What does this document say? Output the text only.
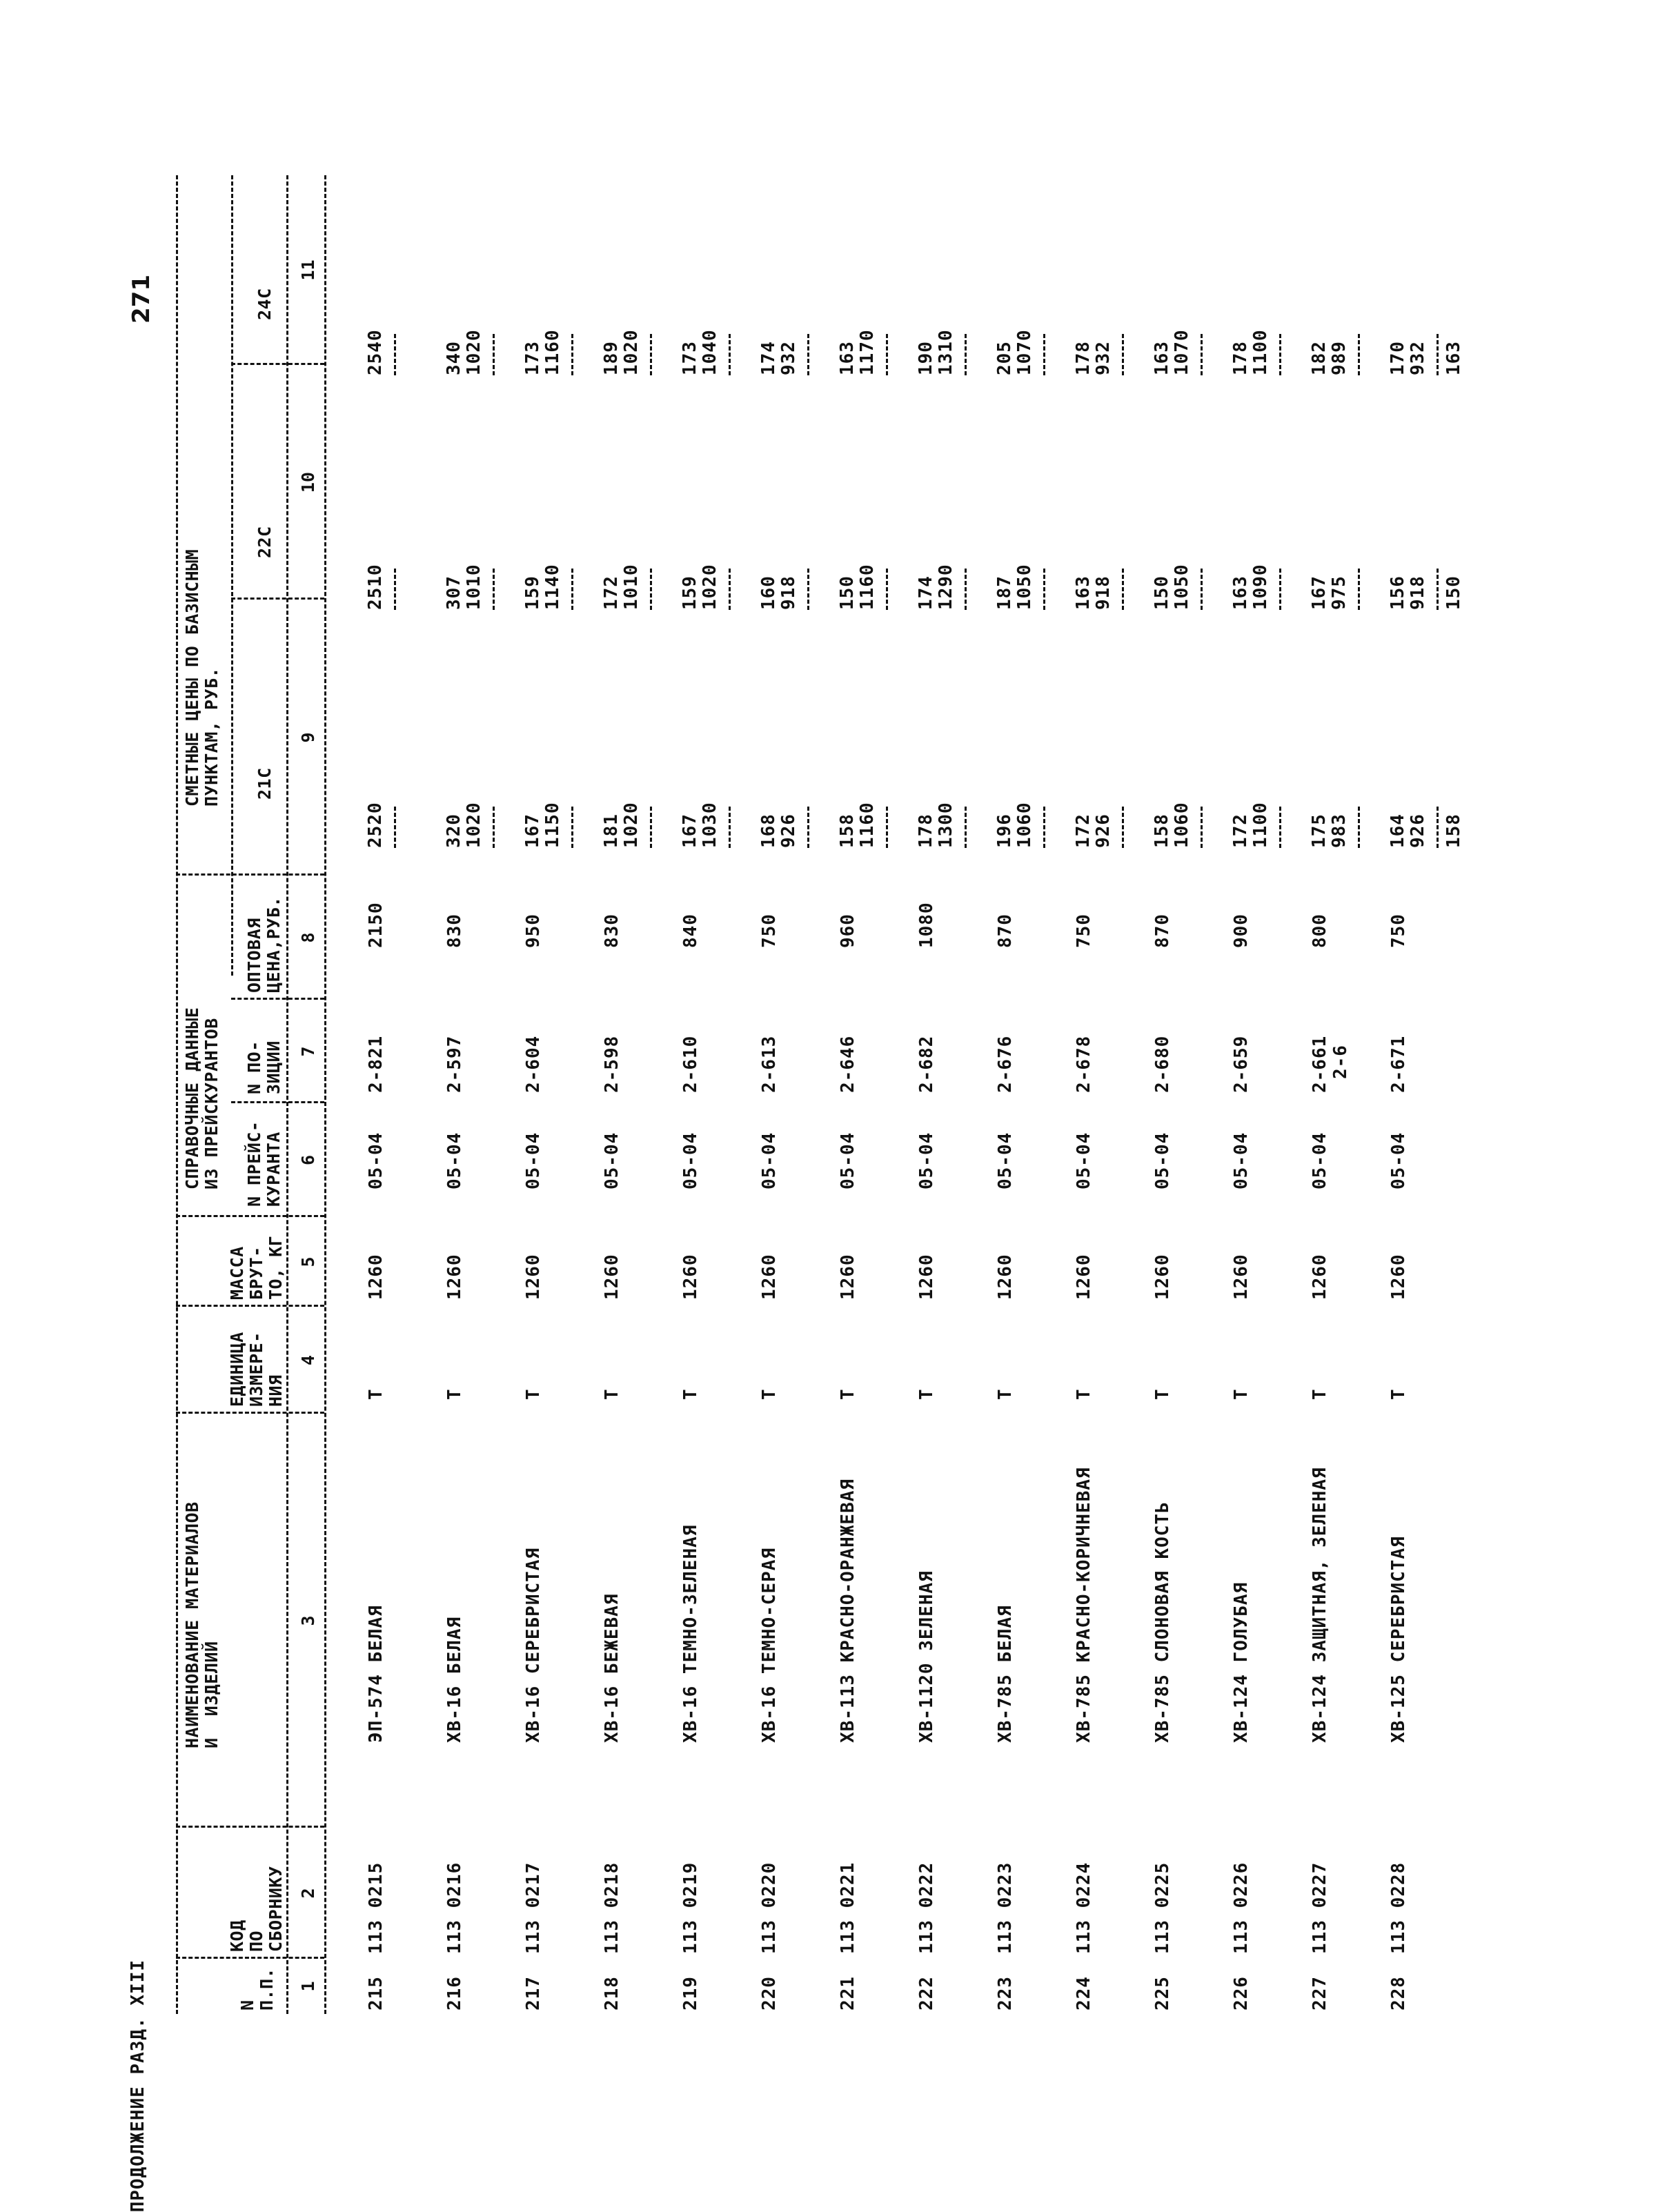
ПРОДОЛЖЕНИЕ РАЗД. XIII
271
N
П.П.
КОД
ПО
СБОРНИКУ
НАИМЕНОВАНИЕ МАТЕРИАЛОВ
И  ИЗДЕЛИЙ
ЕДИНИЦА
ИЗМЕРЕ-
НИЯ
МАССА
БРУТ-
ТО, КГ
СПРАВОЧНЫЕ ДАННЫЕ
ИЗ ПРЕЙСКУРАНТОВ
N ПРЕЙС-
КУРАНТА
N ПО-
ЗИЦИИ
ОПТОВАЯ
ЦЕНА,РУБ.
СМЕТНЫЕ ЦЕНЫ ПО БАЗИСНЫМ
ПУНКТАМ, РУБ.
21С
22С
24С
1
2
3
4
5
6
7
8
9
10
11
215
113 0215
ЭП-574 БЕЛАЯ
Т
1260
05-04
2-821
2150
2520
2510
2540
216
113 0216
ХВ-16 БЕЛАЯ
Т
1260
05-04
2-597
830
320 1020
307 1010
340 1020
217
113 0217
ХВ-16 СЕРЕБРИСТАЯ
Т
1260
05-04
2-604
950
167 1150
159 1140
173 1160
218
113 0218
ХВ-16 БЕЖЕВАЯ
Т
1260
05-04
2-598
830
181 1020
172 1010
189 1020
219
113 0219
ХВ-16 ТЕМНО-ЗЕЛЕНАЯ
Т
1260
05-04
2-610
840
167 1030
159 1020
173 1040
220
113 0220
ХВ-16 ТЕМНО-СЕРАЯ
Т
1260
05-04
2-613
750
168 926
160 918
174 932
221
113 0221
ХВ-113 КРАСНО-ОРАНЖЕВАЯ
Т
1260
05-04
2-646
960
158 1160
150 1160
163 1170
222
113 0222
ХВ-1120 ЗЕЛЕНАЯ
Т
1260
05-04
2-682
1080
178 1300
174 1290
190 1310
223
113 0223
ХВ-785 БЕЛАЯ
Т
1260
05-04
2-676
870
196 1060
187 1050
205 1070
224
113 0224
ХВ-785 КРАСНО-КОРИЧНЕВАЯ
Т
1260
05-04
2-678
750
172 926
163 918
178 932
225
113 0225
ХВ-785 СЛОНОВАЯ КОСТЬ
Т
1260
05-04
2-680
870
158 1060
150 1050
163 1070
226
113 0226
ХВ-124 ГОЛУБАЯ
Т
1260
05-04
2-659
900
172 1100
163 1090
178 1100
227
113 0227
ХВ-124 ЗАЩИТНАЯ, ЗЕЛЕНАЯ
Т
1260
05-04
2-661
800
2-6
175 983
167 975
182 989
228
113 0228
ХВ-125 СЕРЕБРИСТАЯ
Т
1260
05-04
2-671
750
164 926 158
156 918 150
170 932 163
